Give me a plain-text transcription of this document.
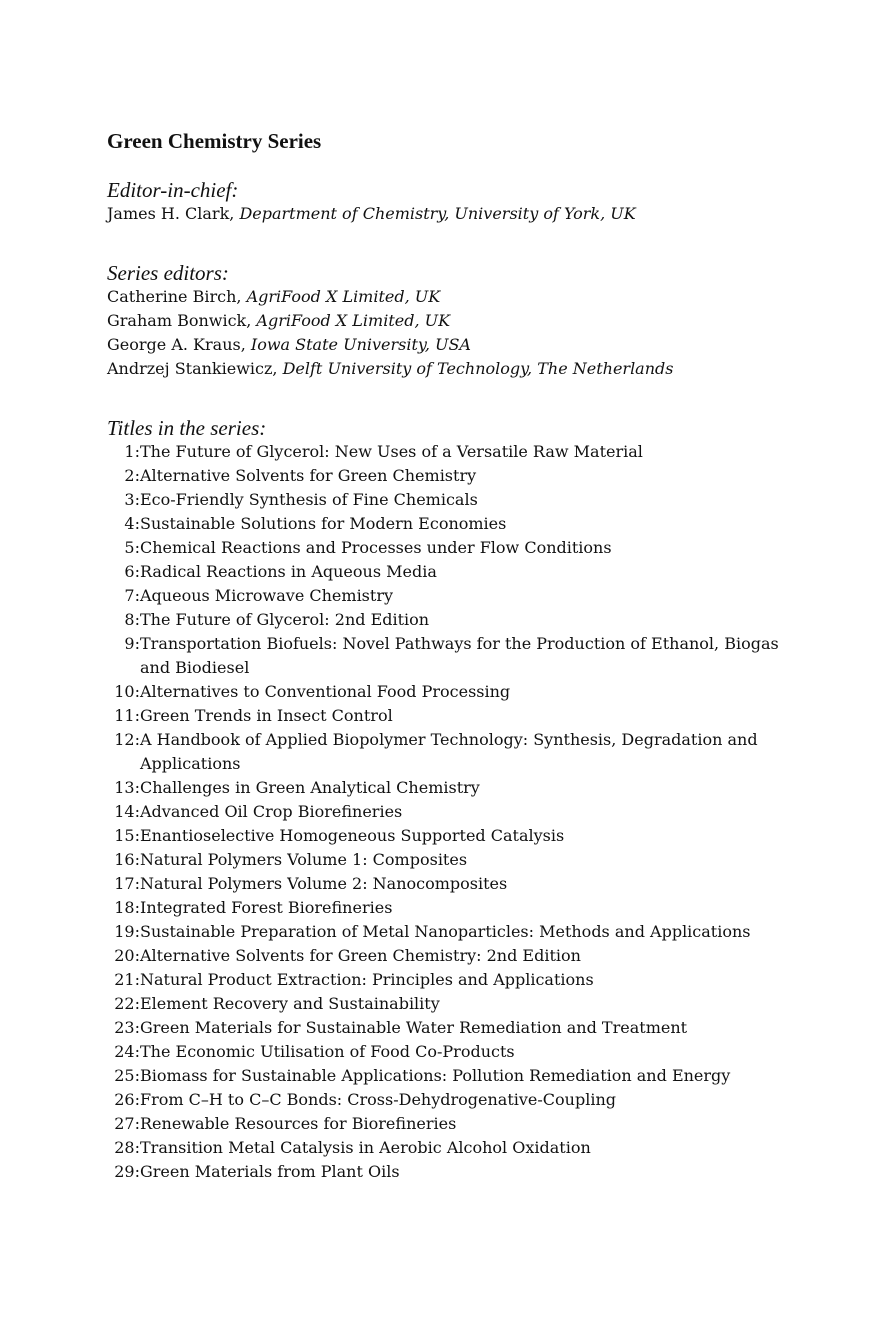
Green Chemistry Series
Editor-in-chief:
James H. Clark, Department of Chemistry, University of York, UK
Series editors:
Catherine Birch, AgriFood X Limited, UK
Graham Bonwick, AgriFood X Limited, UK
George A. Kraus, Iowa State University, USA
Andrzej Stankiewicz, Delft University of Technology, The Netherlands
Titles in the series:
1: The Future of Glycerol: New Uses of a Versatile Raw Material
2: Alternative Solvents for Green Chemistry
3: Eco-Friendly Synthesis of Fine Chemicals
4: Sustainable Solutions for Modern Economies
5: Chemical Reactions and Processes under Flow Conditions
6: Radical Reactions in Aqueous Media
7: Aqueous Microwave Chemistry
8: The Future of Glycerol: 2nd Edition
9: Transportation Biofuels: Novel Pathways for the Production of Ethanol, Biogas and Biodiesel
10: Alternatives to Conventional Food Processing
11: Green Trends in Insect Control
12: A Handbook of Applied Biopolymer Technology: Synthesis, Degradation and Applications
13: Challenges in Green Analytical Chemistry
14: Advanced Oil Crop Biorefineries
15: Enantioselective Homogeneous Supported Catalysis
16: Natural Polymers Volume 1: Composites
17: Natural Polymers Volume 2: Nanocomposites
18: Integrated Forest Biorefineries
19: Sustainable Preparation of Metal Nanoparticles: Methods and Applications
20: Alternative Solvents for Green Chemistry: 2nd Edition
21: Natural Product Extraction: Principles and Applications
22: Element Recovery and Sustainability
23: Green Materials for Sustainable Water Remediation and Treatment
24: The Economic Utilisation of Food Co-Products
25: Biomass for Sustainable Applications: Pollution Remediation and Energy
26: From C–H to C–C Bonds: Cross-Dehydrogenative-Coupling
27: Renewable Resources for Biorefineries
28: Transition Metal Catalysis in Aerobic Alcohol Oxidation
29: Green Materials from Plant Oils
